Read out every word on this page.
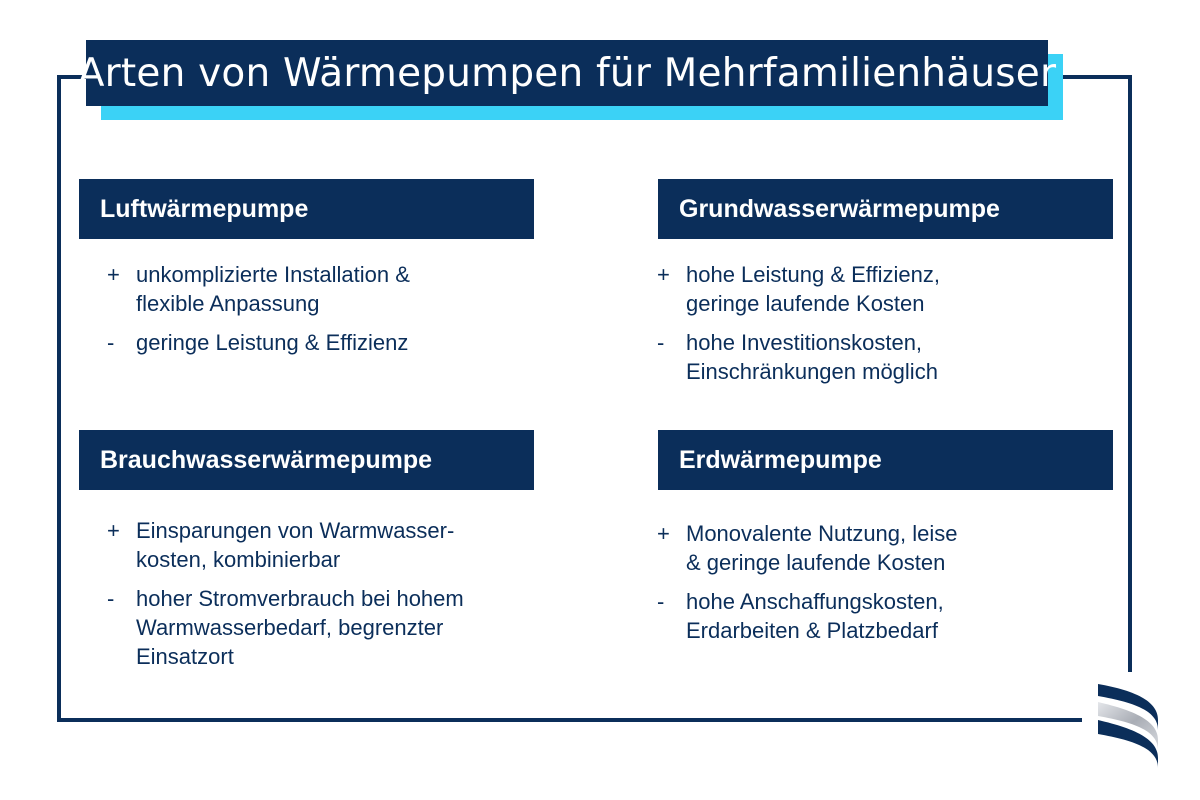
Arten von Wärmepumpen für Mehrfamilienhäuser
Luftwärmepumpe
+ unkomplizierte Installation &
flexible Anpassung
- geringe Leistung & Effizienz
Grundwasserwärmepumpe
+ hohe Leistung & Effizienz,
geringe laufende Kosten
- hohe Investitionskosten,
Einschränkungen möglich
Brauchwasserwärmepumpe
+ Einsparungen von Warmwasser-
kosten, kombinierbar
- hoher Stromverbrauch bei hohem
Warmwasserbedarf, begrenzter
Einsatzort
Erdwärmepumpe
+ Monovalente Nutzung, leise
& geringe laufende Kosten
- hohe Anschaffungskosten,
Erdarbeiten & Platzbedarf
